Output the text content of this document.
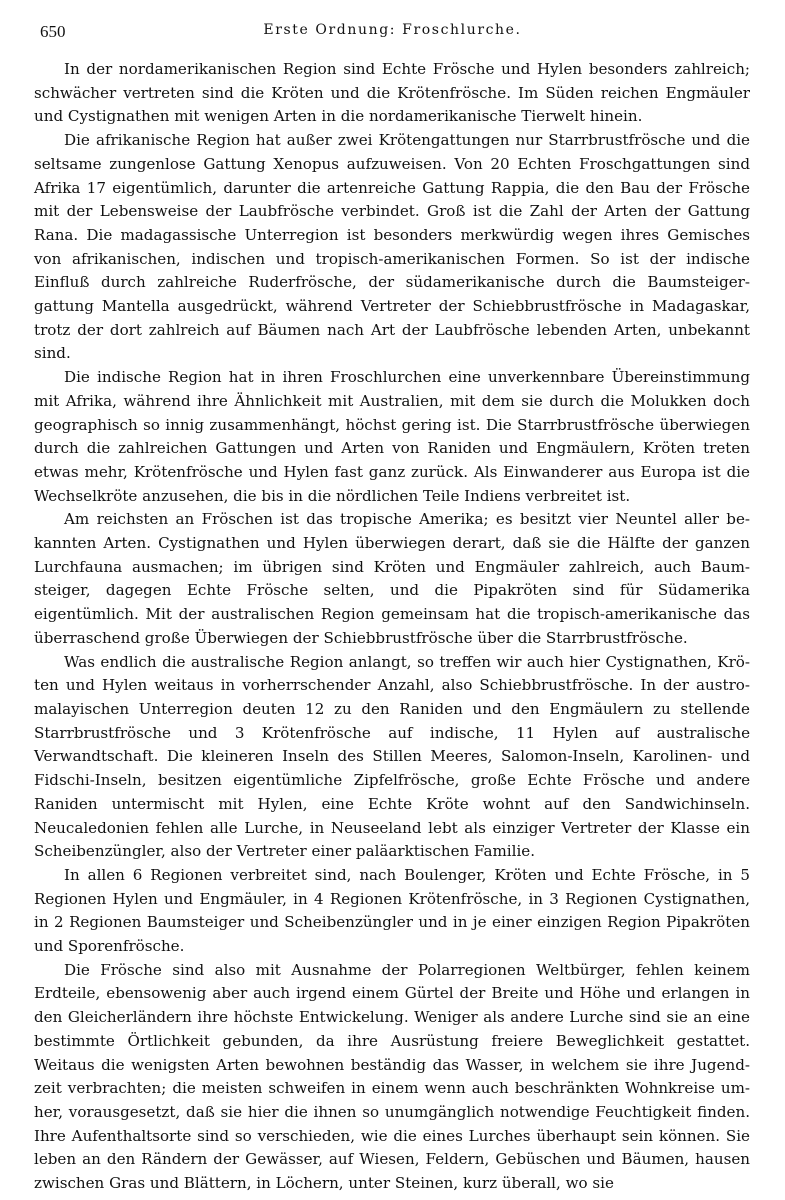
650	Erste Ordnung: Froschlurche.

In der nordamerikanischen Region sind Echte Frösche und Hylen besonders zahlreich; schwächer vertreten sind die Kröten und die Krötenfrösche. Im Süden reichen Engmäuler und Cystignathen mit wenigen Arten in die nordamerikanische Tierwelt hinein.

Die afrikanische Region hat außer zwei Krötengattungen nur Starrbrustfrösche und die seltsame zungenlose Gattung Xenopus aufzuweisen. Von 20 Echten Froschgattungen sind Afrika 17 eigentümlich, darunter die artenreiche Gattung Rappia, die den Bau der Frösche mit der Lebensweise der Laubfrösche verbindet. Groß ist die Zahl der Arten der Gattung Rana. Die madagassische Unterregion ist besonders merkwürdig wegen ihres Gemisches von afrikanischen, indischen und tropisch-amerikanischen Formen. So ist der indische Einfluß durch zahlreiche Ruderfrösche, der südamerikanische durch die Baumsteigergattung Mantella ausgedrückt, während Vertreter der Schiebbrustfrösche in Madagaskar, trotz der dort zahlreich auf Bäumen nach Art der Laubfrösche lebenden Arten, unbekannt sind.

Die indische Region hat in ihren Froschlurchen eine unverkennbare Übereinstimmung mit Afrika, während ihre Ähnlichkeit mit Australien, mit dem sie durch die Molukken doch geographisch so innig zusammenhängt, höchst gering ist. Die Starrbrustfrösche überwiegen durch die zahlreichen Gattungen und Arten von Raniden und Engmäulern, Kröten treten etwas mehr, Krötenfrösche und Hylen fast ganz zurück. Als Einwanderer aus Europa ist die Wechselkröte anzusehen, die bis in die nördlichen Teile Indiens verbreitet ist.

Am reichsten an Fröschen ist das tropische Amerika; es besitzt vier Neuntel aller bekannten Arten. Cystignathen und Hylen überwiegen derart, daß sie die Hälfte der ganzen Lurchfauna ausmachen; im übrigen sind Kröten und Engmäuler zahlreich, auch Baumsteiger, dagegen Echte Frösche selten, und die Pipakröten sind für Südamerika eigentümlich. Mit der australischen Region gemeinsam hat die tropisch-amerikanische das überraschend große Überwiegen der Schiebbrustfrösche über die Starrbrustfrösche.

Was endlich die australische Region anlangt, so treffen wir auch hier Cystignathen, Kröten und Hylen weitaus in vorherrschender Anzahl, also Schiebbrustfrösche. In der austromalayischen Unterregion deuten 12 zu den Raniden und den Engmäulern zu stellende Starrbrustfrösche und 3 Krötenfrösche auf indische, 11 Hylen auf australische Verwandtschaft. Die kleineren Inseln des Stillen Meeres, Salomon-Inseln, Karolinen- und Fidschi-Inseln, besitzen eigentümliche Zipfelfrösche, große Echte Frösche und andere Raniden untermischt mit Hylen, eine Echte Kröte wohnt auf den Sandwichinseln. Neucaledonien fehlen alle Lurche, in Neuseeland lebt als einziger Vertreter der Klasse ein Scheibenzüngler, also der Vertreter einer paläarktischen Familie.

In allen 6 Regionen verbreitet sind, nach Boulenger, Kröten und Echte Frösche, in 5 Regionen Hylen und Engmäuler, in 4 Regionen Krötenfrösche, in 3 Regionen Cystignathen, in 2 Regionen Baumsteiger und Scheibenzüngler und in je einer einzigen Region Pipakröten und Sporenfrösche.

Die Frösche sind also mit Ausnahme der Polarregionen Weltbürger, fehlen keinem Erdteile, ebensowenig aber auch irgend einem Gürtel der Breite und Höhe und erlangen in den Gleicherländern ihre höchste Entwickelung. Weniger als andere Lurche sind sie an eine bestimmte Örtlichkeit gebunden, da ihre Ausrüstung freiere Beweglichkeit gestattet. Weitaus die wenigsten Arten bewohnen beständig das Wasser, in welchem sie ihre Jugendzeit verbrachten; die meisten schweifen in einem wenn auch beschränkten Wohnkreise umher, vorausgesetzt, daß sie hier die ihnen so unumgänglich notwendige Feuchtigkeit finden. Ihre Aufenthaltsorte sind so verschieden, wie die eines Lurches überhaupt sein können. Sie leben an den Rändern der Gewässer, auf Wiesen, Feldern, Gebüschen und Bäumen, hausen zwischen Gras und Blättern, in Löchern, unter Steinen, kurz überall, wo sie
